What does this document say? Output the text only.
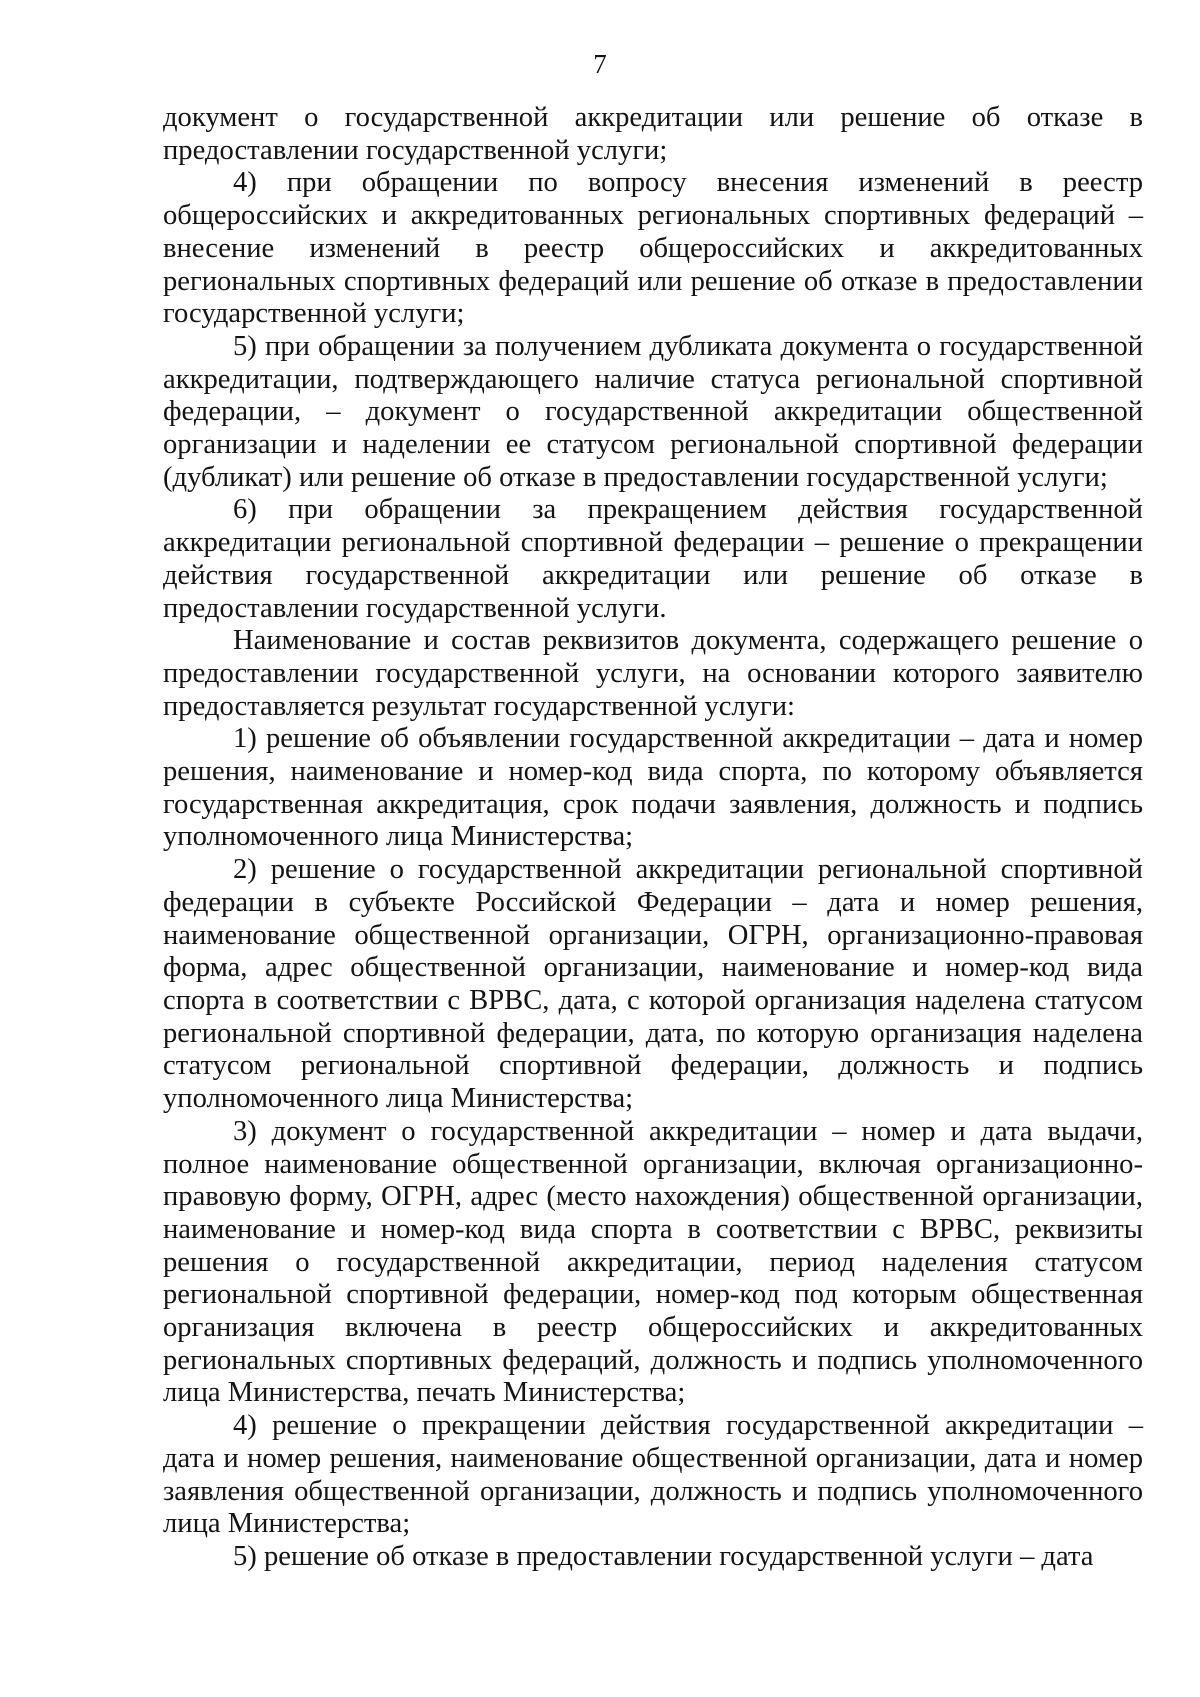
7

документ о государственной аккредитации или решение об отказе в предоставлении государственной услуги;

4) при обращении по вопросу внесения изменений в реестр общероссийских и аккредитованных региональных спортивных федераций – внесение изменений в реестр общероссийских и аккредитованных региональных спортивных федераций или решение об отказе в предоставлении государственной услуги;

5) при обращении за получением дубликата документа о государственной аккредитации, подтверждающего наличие статуса региональной спортивной федерации, – документ о государственной аккредитации общественной организации и наделении ее статусом региональной спортивной федерации (дубликат) или решение об отказе в предоставлении государственной услуги;

6) при обращении за прекращением действия государственной аккредитации региональной спортивной федерации – решение о прекращении действия государственной аккредитации или решение об отказе в предоставлении государственной услуги.

Наименование и состав реквизитов документа, содержащего решение о предоставлении государственной услуги, на основании которого заявителю предоставляется результат государственной услуги:

1) решение об объявлении государственной аккредитации – дата и номер решения, наименование и номер-код вида спорта, по которому объявляется государственная аккредитация, срок подачи заявления, должность и подпись уполномоченного лица Министерства;

2) решение о государственной аккредитации региональной спортивной федерации в субъекте Российской Федерации – дата и номер решения, наименование общественной организации, ОГРН, организационно-правовая форма, адрес общественной организации, наименование и номер-код вида спорта в соответствии с ВРВС, дата, с которой организация наделена статусом региональной спортивной федерации, дата, по которую организация наделена статусом региональной спортивной федерации, должность и подпись уполномоченного лица Министерства;

3) документ о государственной аккредитации – номер и дата выдачи, полное наименование общественной организации, включая организационно-правовую форму, ОГРН, адрес (место нахождения) общественной организации, наименование и номер-код вида спорта в соответствии с ВРВС, реквизиты решения о государственной аккредитации, период наделения статусом региональной спортивной федерации, номер-код под которым общественная организация включена в реестр общероссийских и аккредитованных региональных спортивных федераций, должность и подпись уполномоченного лица Министерства, печать Министерства;

4) решение о прекращении действия государственной аккредитации – дата и номер решения, наименование общественной организации, дата и номер заявления общественной организации, должность и подпись уполномоченного лица Министерства;

5) решение об отказе в предоставлении государственной услуги – дата
